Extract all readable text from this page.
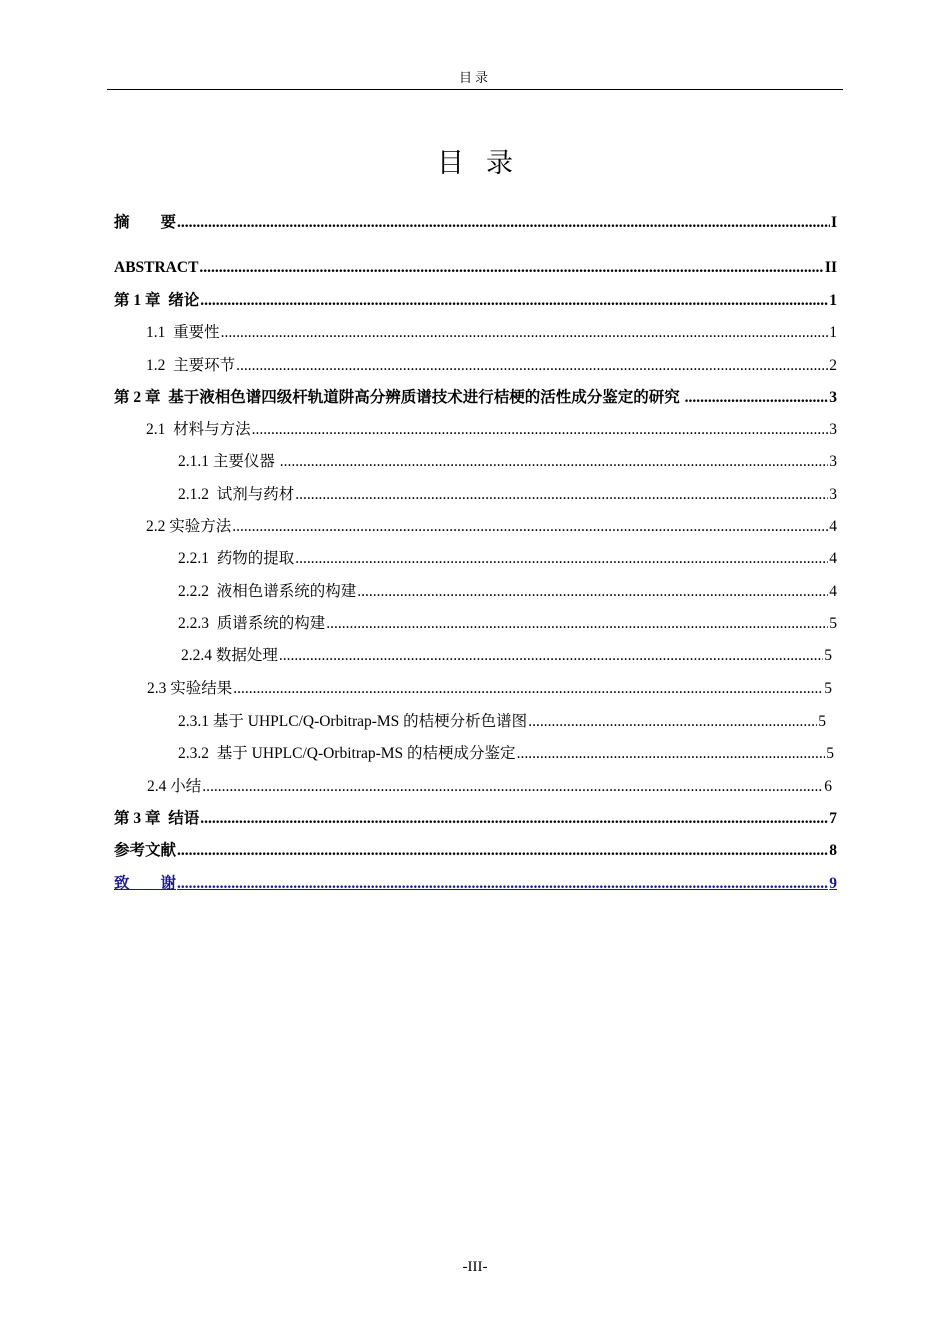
目录
目录
摘　　要 .....	I
ABSTRACT .....	II
第 1 章  绪论 .....	1
1.1  重要性 .....	1
1.2  主要环节 .....	2
第 2 章  基于液相色谱四级杆轨道阱高分辨质谱技术进行桔梗的活性成分鉴定的研究 .....	3
2.1  材料与方法 .....	3
2.1.1 主要仪器 .....	3
2.1.2  试剂与药材 .....	3
2.2 实验方法 .....	4
2.2.1  药物的提取 .....	4
2.2.2  液相色谱系统的构建 .....	4
2.2.3  质谱系统的构建 .....	5
2.2.4 数据处理 .....	5
2.3 实验结果 .....	5
2.3.1 基于 UHPLC/Q-Orbitrap-MS 的桔梗分析色谱图 .....	5
2.3.2  基于 UHPLC/Q-Orbitrap-MS 的桔梗成分鉴定 .....	5
2.4 小结 .....	6
第 3 章  结语 .....	7
参考文献 .....	8
致　　谢 .....	9
-III-
